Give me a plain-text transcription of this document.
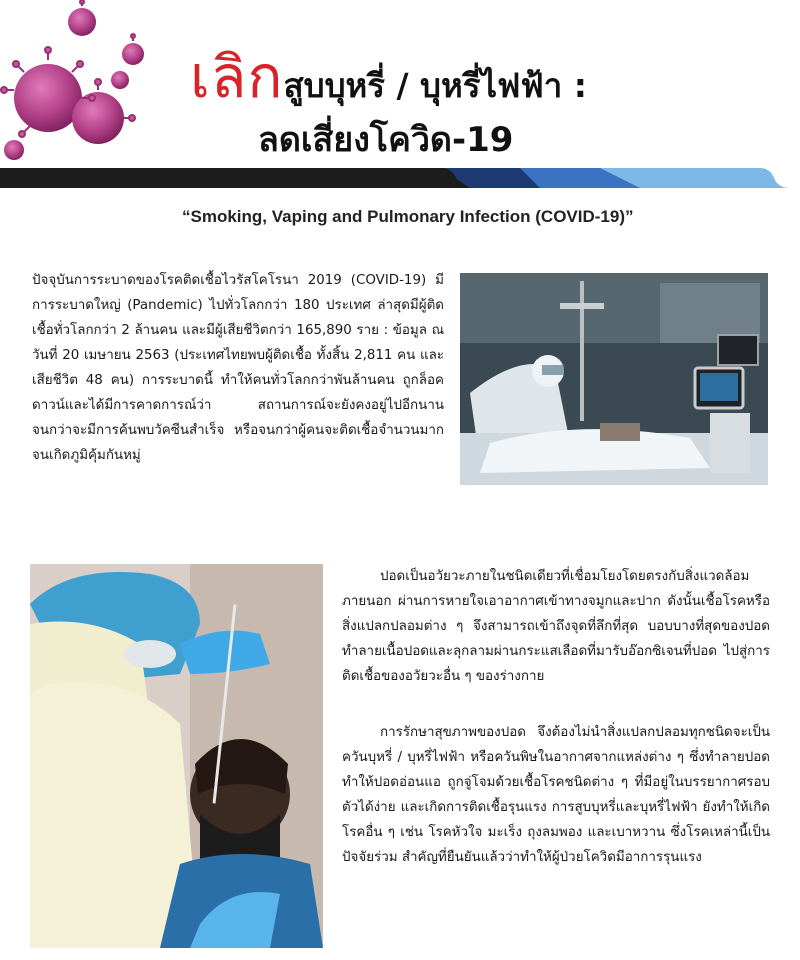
เลิกสูบบุหรี่ / บุหรี่ไฟฟ้า :
ลดเสี่ยงโควิด-19
“Smoking, Vaping and Pulmonary Infection (COVID-19)”
ปัจจุบันการระบาดของโรคติดเชื้อไวรัสโคโรนา 2019 (COVID-19) มีการระบาดใหญ่ (Pandemic) ไปทั่วโลกกว่า 180 ประเทศ ล่าสุดมีผู้ติดเชื้อทั่วโลกกว่า 2 ล้านคน และมีผู้เสียชีวิตกว่า 165,890 ราย : ข้อมูล ณ วันที่ 20 เมษายน 2563 (ประเทศไทยพบผู้ติดเชื้อ ทั้งสิ้น 2,811 คน และเสียชีวิต 48 คน) การระบาดนี้ ทำให้คนทั่วโลกกว่าพันล้านคน ถูกล็อคดาวน์และได้มีการคาดการณ์ว่า สถานการณ์จะยังคงอยู่ไปอีกนาน จนกว่าจะมีการค้นพบวัคซีนสำเร็จ หรือจนกว่าผู้คนจะติดเชื้อจำนวนมากจนเกิดภูมิคุ้มกันหมู่
ปอดเป็นอวัยวะภายในชนิดเดียวที่เชื่อมโยงโดยตรงกับสิ่งแวดล้อมภายนอก ผ่านการหายใจเอาอากาศเข้าทางจมูกและปาก ดังนั้นเชื้อโรคหรือสิ่งแปลกปลอมต่าง ๆ จึงสามารถเข้าถึงจุดที่ลึกที่สุด บอบบางที่สุดของปอด ทำลายเนื้อปอดและลุกลามผ่านกระแสเลือดที่มารับอ๊อกซิเจนที่ปอด ไปสู่การติดเชื้อของอวัยวะอื่น ๆ ของร่างกาย
การรักษาสุขภาพของปอด จึงต้องไม่นำสิ่งแปลกปลอมทุกชนิดจะเป็นควันบุหรี่ / บุหรี่ไฟฟ้า หรือควันพิษในอากาศจากแหล่งต่าง ๆ ซึ่งทำลายปอด ทำให้ปอดอ่อนแอ ถูกจู่โจมด้วยเชื้อโรคชนิดต่าง ๆ ที่มีอยู่ในบรรยากาศรอบตัวได้ง่าย และเกิดการติดเชื้อรุนแรง การสูบบุหรี่และบุหรี่ไฟฟ้า ยังทำให้เกิดโรคอื่น ๆ เช่น โรคหัวใจ มะเร็ง ถุงลมพอง และเบาหวาน ซึ่งโรคเหล่านี้เป็นปัจจัยร่วม สำคัญที่ยืนยันแล้วว่าทำให้ผู้ป่วยโควิดมีอาการรุนแรง
